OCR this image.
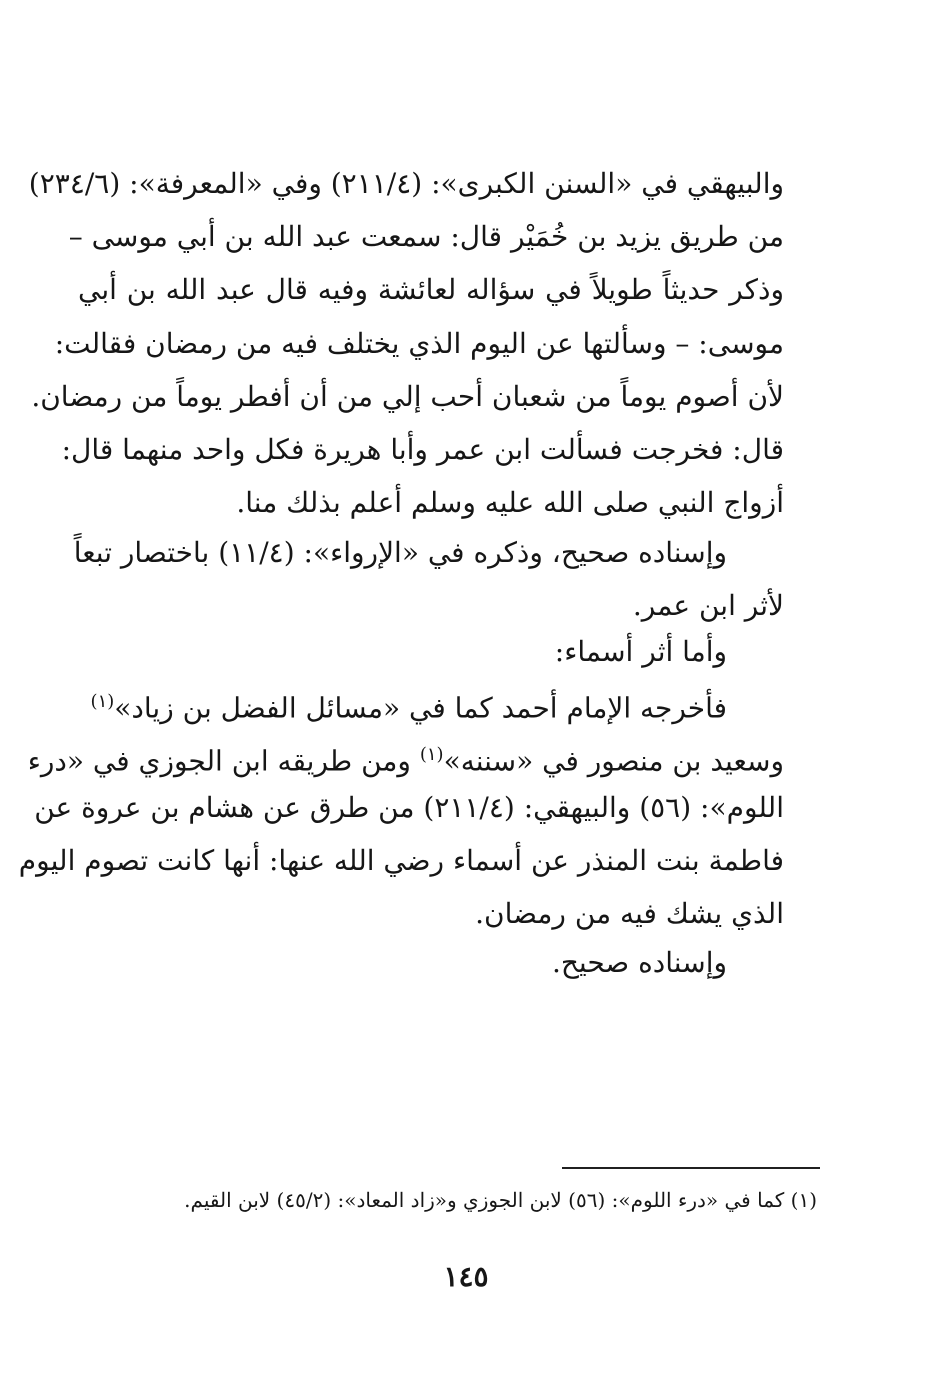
والبيهقي في «السنن الكبرى»: (٢١١/٤) وفي «المعرفة»: (٢٣٤/٦)
من طريق يزيد بن خُمَيْر قال: سمعت عبد الله بن أبي موسى –
وذكر حديثاً طويلاً في سؤاله لعائشة وفيه قال عبد الله بن أبي
موسى: – وسألتها عن اليوم الذي يختلف فيه من رمضان فقالت:
لأن أصوم يوماً من شعبان أحب إلي من أن أفطر يوماً من رمضان.
قال: فخرجت فسألت ابن عمر وأبا هريرة فكل واحد منهما قال:
أزواج النبي صلى الله عليه وسلم أعلم بذلك منا.
وإسناده صحيح، وذكره في «الإرواء»: (١١/٤) باختصار تبعاً
لأثر ابن عمر.
وأما أثر أسماء:
فأخرجه الإمام أحمد كما في «مسائل الفضل بن زياد»$^{(١)}$
وسعيد بن منصور في «سننه»$^{(١)}$ ومن طريقه ابن الجوزي في «درء
اللوم»: (٥٦) والبيهقي: (٢١١/٤) من طرق عن هشام بن عروة عن
فاطمة بنت المنذر عن أسماء رضي الله عنها: أنها كانت تصوم اليوم
الذي يشك فيه من رمضان.
وإسناده صحيح.
(١) كما في «درء اللوم»: (٥٦) لابن الجوزي و«زاد المعاد»: (٤٥/٢) لابن القيم.
١٤٥
